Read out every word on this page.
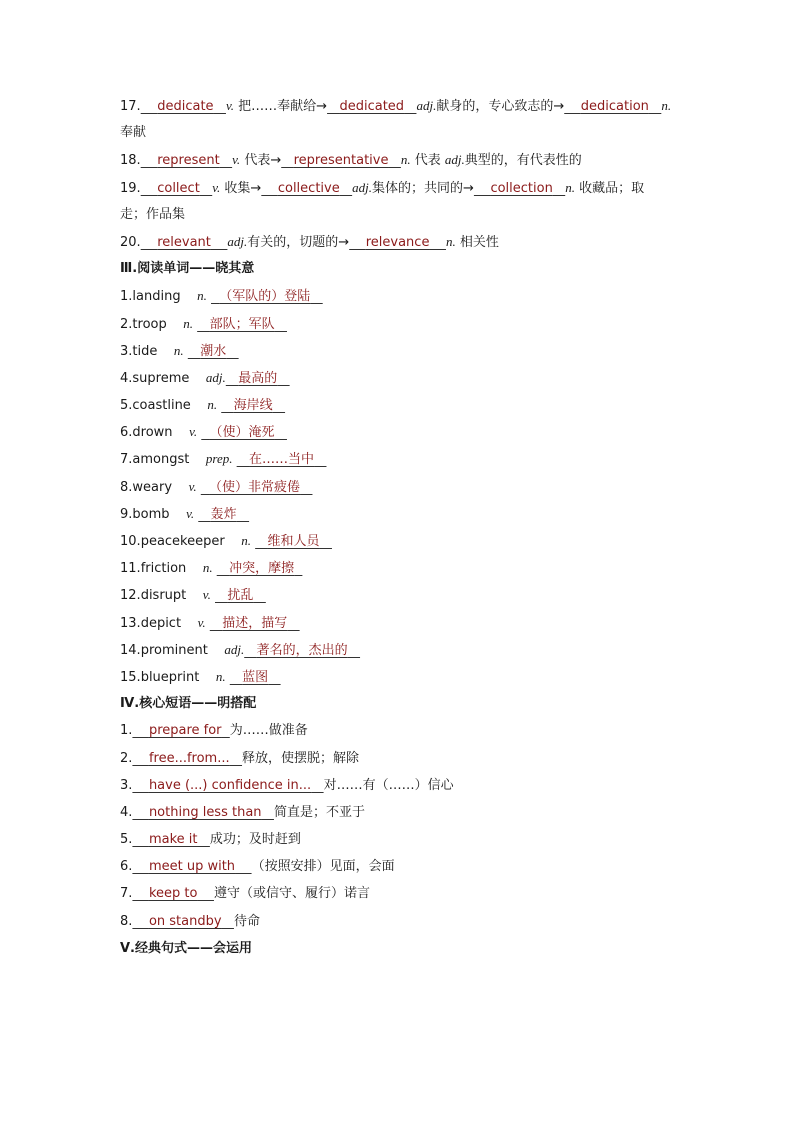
17. dedicate v. 把……奉献给→ dedicated adj.献身的，专心致志的→ dedication n.
奉献
18. represent v. 代表→ representative n. 代表 adj.典型的，有代表性的
19. collect v. 收集→ collective adj.集体的；共同的→ collection n. 收藏品；取
走；作品集
20. relevant adj.有关的，切题的→ relevance n. 相关性
Ⅲ.阅读单词——晓其意
1.landing n. （军队的）登陆
2.troop n. 部队；军队
3.tide n. 潮水
4.supreme adj. 最高的
5.coastline n. 海岸线
6.drown v. （使）淹死
7.amongst prep. 在……当中
8.weary v. （使）非常疲倦
9.bomb v. 轰炸
10.peacekeeper n. 维和人员
11.friction n. 冲突，摩擦
12.disrupt v. 扰乱
13.depict v. 描述，描写
14.prominent adj. 著名的，杰出的
15.blueprint n. 蓝图
Ⅳ.核心短语——明搭配
1. prepare for 为……做准备
2. free...from... 释放，使摆脱；解除
3. have (...) confidence in... 对……有（……）信心
4. nothing less than 简直是；不亚于
5. make it 成功；及时赶到
6. meet up with （按照安排）见面，会面
7. keep to 遵守（或信守、履行）诺言
8. on standby 待命
Ⅴ.经典句式——会运用
